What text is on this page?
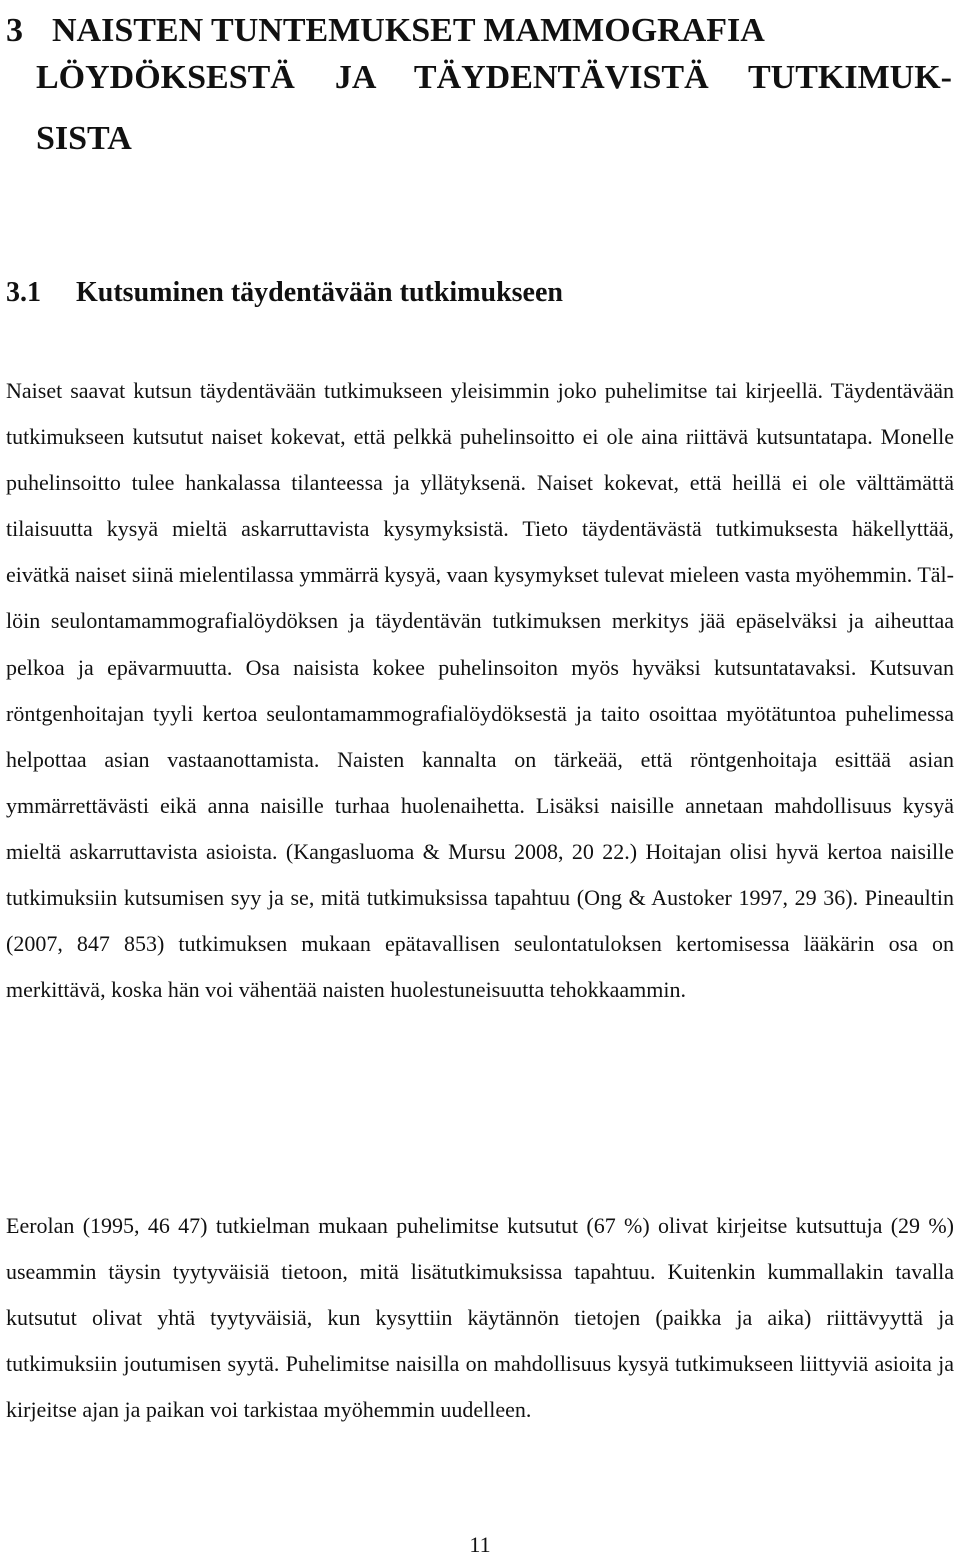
3 NAISTEN TUNTEMUKSET MAMMOGRAFIA
LÖYDÖKSESTÄ JA TÄYDENTÄVISTÄ TUTKIMUK-
SISTA
3.1 Kutsuminen täydentävään tutkimukseen

Naiset saavat kutsun täydentävään tutkimukseen yleisimmin joko puhelimitse tai kirjeellä. Täydentävään tutkimukseen kutsutut naiset kokevat, että pelkkä puhelinsoitto ei ole aina riittävä kutsuntatapa. Monelle puhelinsoitto tulee hankalassa tilanteessa ja yllätyksenä. Naiset kokevat, että heillä ei ole välttämättä tilaisuutta kysyä mieltä askarruttavista kysymyksistä. Tieto täydentävästä tutkimuksesta häkellyttää, eivätkä naiset siinä mielentilassa ymmärrä kysyä, vaan kysymykset tulevat mieleen vasta myöhemmin. Tällöin seulontamammografialöydöksen ja täydentävän tutkimuksen merkitys jää epäselväksi ja aiheuttaa pelkoa ja epävarmuutta. Osa naisista kokee puhelinsoiton myös hyväksi kutsuntatavaksi. Kutsuvan röntgenhoitajan tyyli kertoa seulontamammografialöydöksestä ja taito osoittaa myötätuntoa puhelimessa helpottaa asian vastaanottamista. Naisten kannalta on tärkeää, että röntgenhoitaja esittää asian ymmärrettävästi eikä anna naisille turhaa huolenaihetta. Lisäksi naisille annetaan mahdollisuus kysyä mieltä askarruttavista asioista. (Kangasluoma & Mursu 2008, 20 22.) Hoitajan olisi hyvä kertoa naisille tutkimuksiin kutsumisen syy ja se, mitä tutkimuksissa tapahtuu (Ong & Austoker 1997, 29 36). Pineaultin (2007, 847 853) tutkimuksen mukaan epätavallisen seulontatuloksen kertomisessa lääkärin osa on merkittävä, koska hän voi vähentää naisten huolestuneisuutta tehokkaammin.

Eerolan (1995, 46 47) tutkielman mukaan puhelimitse kutsutut (67 %) olivat kirjeitse kutsuttuja (29 %) useammin täysin tyytyväisiä tietoon, mitä lisätutkimuksissa tapahtuu. Kuitenkin kummallakin tavalla kutsutut olivat yhtä tyytyväisiä, kun kysyttiin käytännön tietojen (paikka ja aika) riittävyyttä ja tutkimuksiin joutumisen syytä. Puhelimitse naisilla on mahdollisuus kysyä tutkimukseen liittyviä asioita ja kirjeitse ajan ja paikan voi tarkistaa myöhemmin uudelleen.

11
